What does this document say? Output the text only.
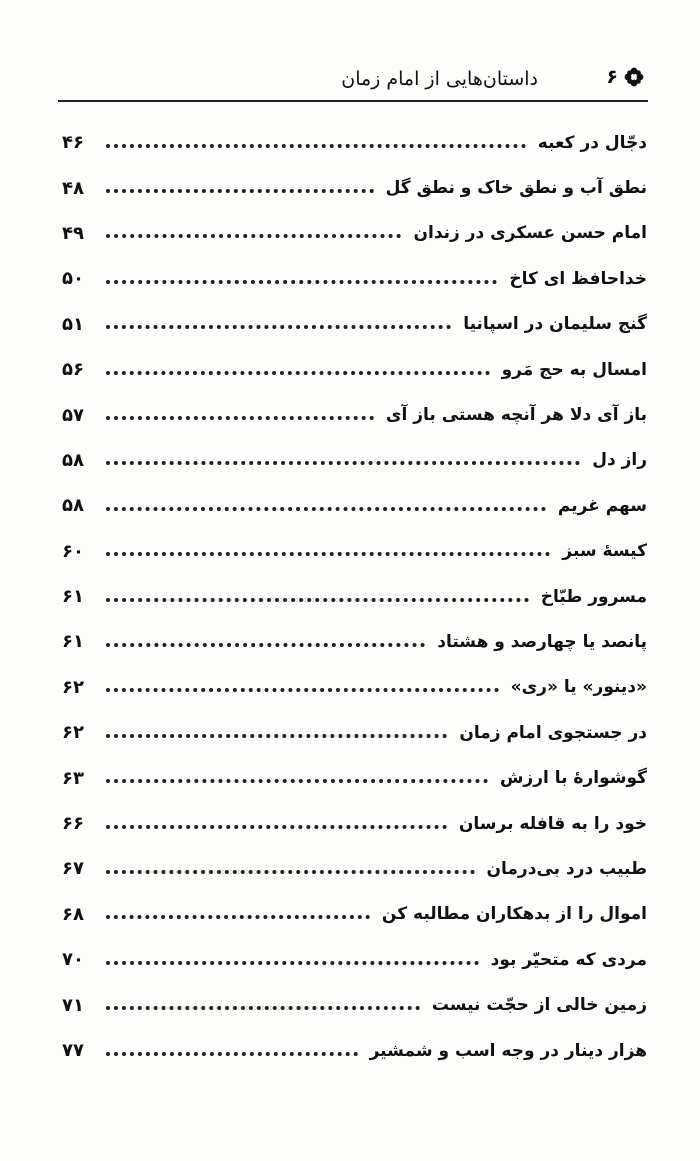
۶
داستان‌هایی از امام زمان
دجّال در کعبه
۴۶
نطق آب و نطق خاک و نطق گل
۴۸
امام حسن عسکری در زندان
۴۹
خداحافظ ای کاخ
۵۰
گنج سلیمان در اسپانیا
۵۱
امسال به حج مَرو
۵۶
باز آی دلا هر آنچه هستی باز آی
۵۷
راز دل
۵۸
سهم غریم
۵۸
کیسهٔ سبز
۶۰
مسرور طبّاخ
۶۱
پانصد یا چهارصد و هشتاد
۶۱
«دینور» یا «ری»
۶۲
در جستجوی امام زمان
۶۲
گوشوارهٔ با ارزش
۶۳
خود را به قافله برسان
۶۶
طبیب درد بی‌درمان
۶۷
اموال را از بدهکاران مطالبه کن
۶۸
مردی که متحیّر بود
۷۰
زمین خالی از حجّت نیست
۷۱
هزار دینار در وجه اسب و شمشیر
۷۷
